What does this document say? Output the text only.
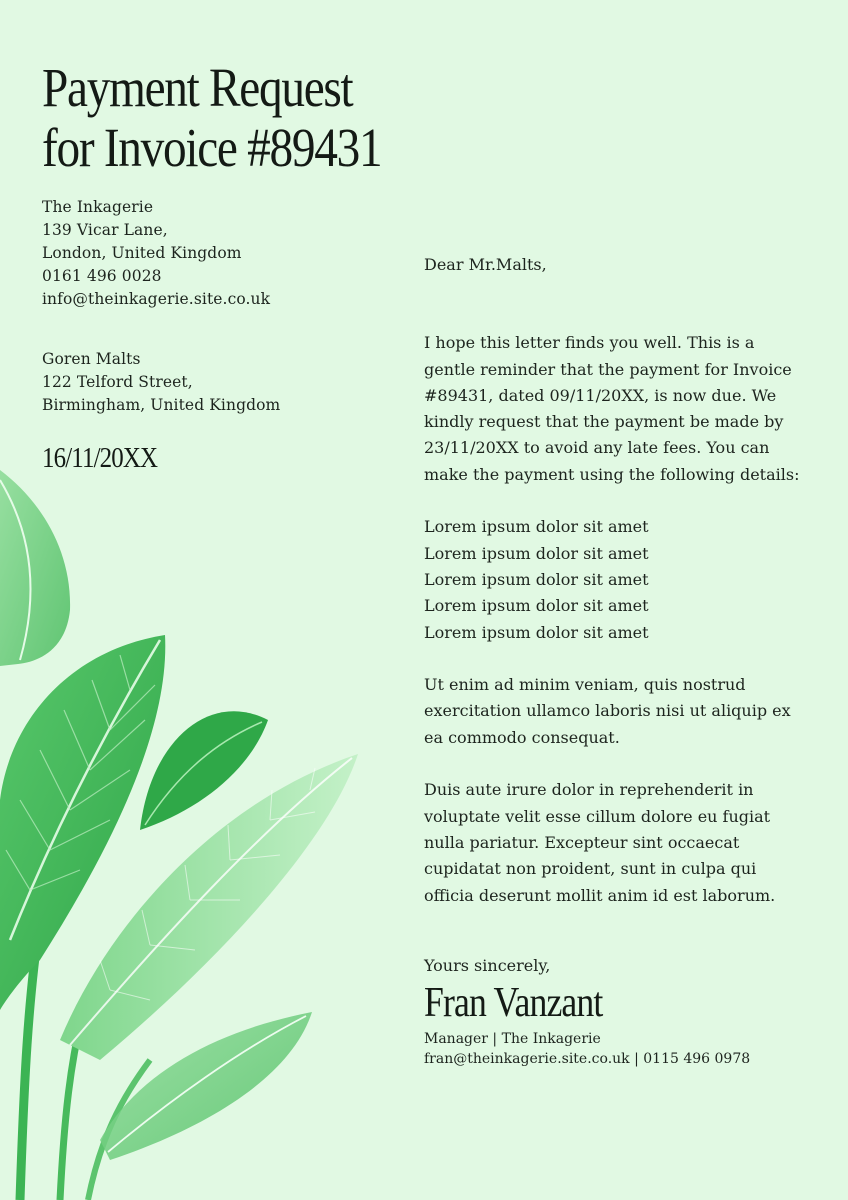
Payment Request
for Invoice #89431
The Inkagerie
139 Vicar Lane,
London, United Kingdom
0161 496 0028
info@theinkagerie.site.co.uk
Goren Malts
122 Telford Street,
Birmingham, United Kingdom
16/11/20XX

Dear Mr.Malts,

I hope this letter finds you well. This is a gentle reminder that the payment for Invoice #89431, dated 09/11/20XX, is now due. We kindly request that the payment be made by 23/11/20XX to avoid any late fees. You can make the payment using the following details:

Lorem ipsum dolor sit amet
Lorem ipsum dolor sit amet
Lorem ipsum dolor sit amet
Lorem ipsum dolor sit amet
Lorem ipsum dolor sit amet

Ut enim ad minim veniam, quis nostrud exercitation ullamco laboris nisi ut aliquip ex ea commodo consequat.

Duis aute irure dolor in reprehenderit in voluptate velit esse cillum dolore eu fugiat nulla pariatur. Excepteur sint occaecat cupidatat non proident, sunt in culpa qui officia deserunt mollit anim id est laborum.

Yours sincerely,

Fran Vanzant
Manager | The Inkagerie
fran@theinkagerie.site.co.uk | 0115 496 0978
